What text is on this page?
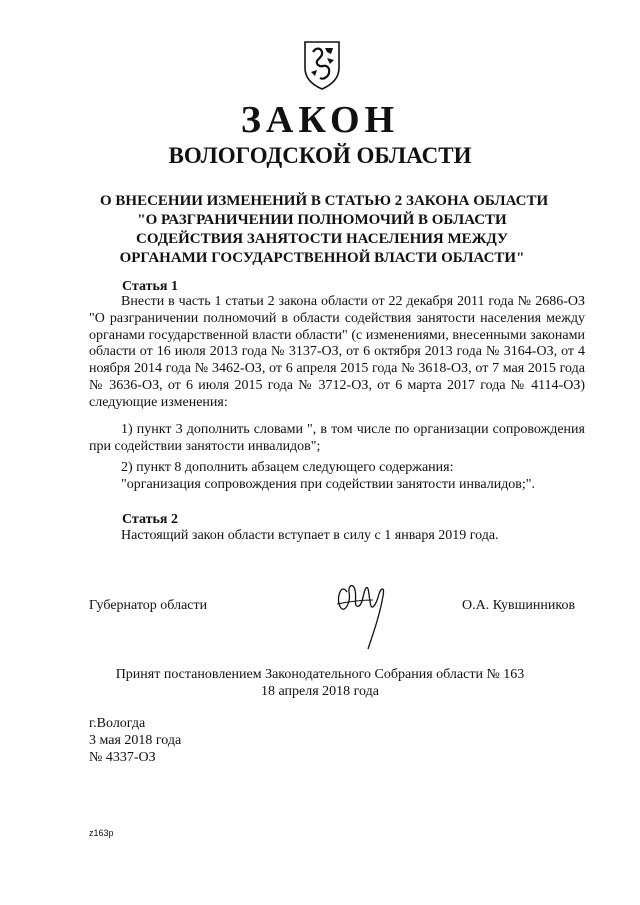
ЗАКОН
ВОЛОГОДСКОЙ ОБЛАСТИ
О ВНЕСЕНИИ ИЗМЕНЕНИЙ В СТАТЬЮ 2 ЗАКОНА ОБЛАСТИ
"О РАЗГРАНИЧЕНИИ ПОЛНОМОЧИЙ В ОБЛАСТИ
СОДЕЙСТВИЯ ЗАНЯТОСТИ НАСЕЛЕНИЯ МЕЖДУ
ОРГАНАМИ ГОСУДАРСТВЕННОЙ ВЛАСТИ ОБЛАСТИ"
Статья 1
Внести в часть 1 статьи 2 закона области от 22 декабря 2011 года № 2686-ОЗ "О разграничении полномочий в области содействия занятости населения между органами государственной власти области" (с изменениями, внесенными законами области от 16 июля 2013 года № 3137-ОЗ, от 6 октября 2013 года № 3164-ОЗ, от 4 ноября 2014 года № 3462-ОЗ, от 6 апреля 2015 года № 3618-ОЗ, от 7 мая 2015 года № 3636-ОЗ, от 6 июля 2015 года № 3712-ОЗ, от 6 марта 2017 года № 4114-ОЗ) следующие изменения:
1) пункт 3 дополнить словами ", в том числе по организации сопровождения при содействии занятости инвалидов";
2) пункт 8 дополнить абзацем следующего содержания:
"организация сопровождения при содействии занятости инвалидов;".
Статья 2
Настоящий закон области вступает в силу с 1 января 2019 года.
Губернатор области	О.А. Кувшинников
Принят постановлением Законодательного Собрания области № 163
18 апреля 2018 года
г.Вологда
3 мая 2018 года
№ 4337-ОЗ
z163p
